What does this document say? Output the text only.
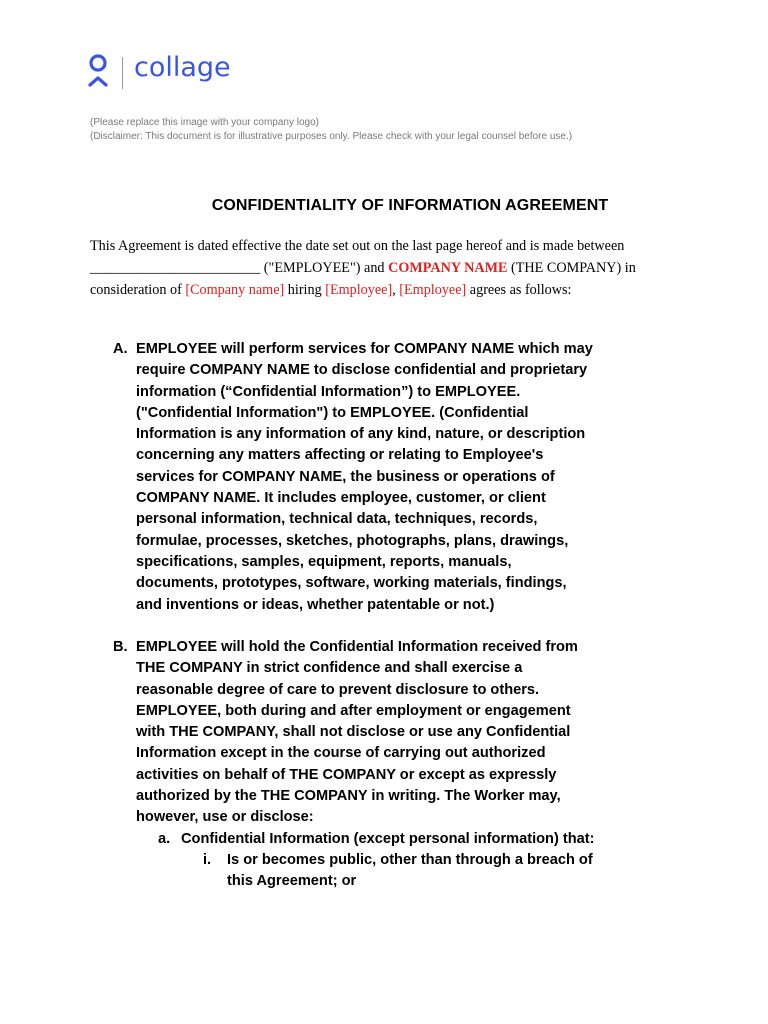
collage
(Please replace this image with your company logo)
(Disclaimer: This document is for illustrative purposes only. Please check with your legal counsel before use.)
CONFIDENTIALITY OF INFORMATION AGREEMENT
This Agreement is dated effective the date set out on the last page hereof and is made between
________________________ ("EMPLOYEE") and COMPANY NAME (THE COMPANY) in
consideration of [Company name] hiring [Employee], [Employee] agrees as follows:
A. EMPLOYEE will perform services for COMPANY NAME which may
require COMPANY NAME to disclose confidential and proprietary
information (“Confidential Information”) to EMPLOYEE.
("Confidential Information") to EMPLOYEE. (Confidential
Information is any information of any kind, nature, or description
concerning any matters affecting or relating to Employee's
services for COMPANY NAME, the business or operations of
COMPANY NAME. It includes employee, customer, or client
personal information, technical data, techniques, records,
formulae, processes, sketches, photographs, plans, drawings,
specifications, samples, equipment, reports, manuals,
documents, prototypes, software, working materials, findings,
and inventions or ideas, whether patentable or not.)
B. EMPLOYEE will hold the Confidential Information received from
THE COMPANY in strict confidence and shall exercise a
reasonable degree of care to prevent disclosure to others.
EMPLOYEE, both during and after employment or engagement
with THE COMPANY, shall not disclose or use any Confidential
Information except in the course of carrying out authorized
activities on behalf of THE COMPANY or except as expressly
authorized by the THE COMPANY in writing. The Worker may,
however, use or disclose:
a. Confidential Information (except personal information) that:
i. Is or becomes public, other than through a breach of
this Agreement; or
